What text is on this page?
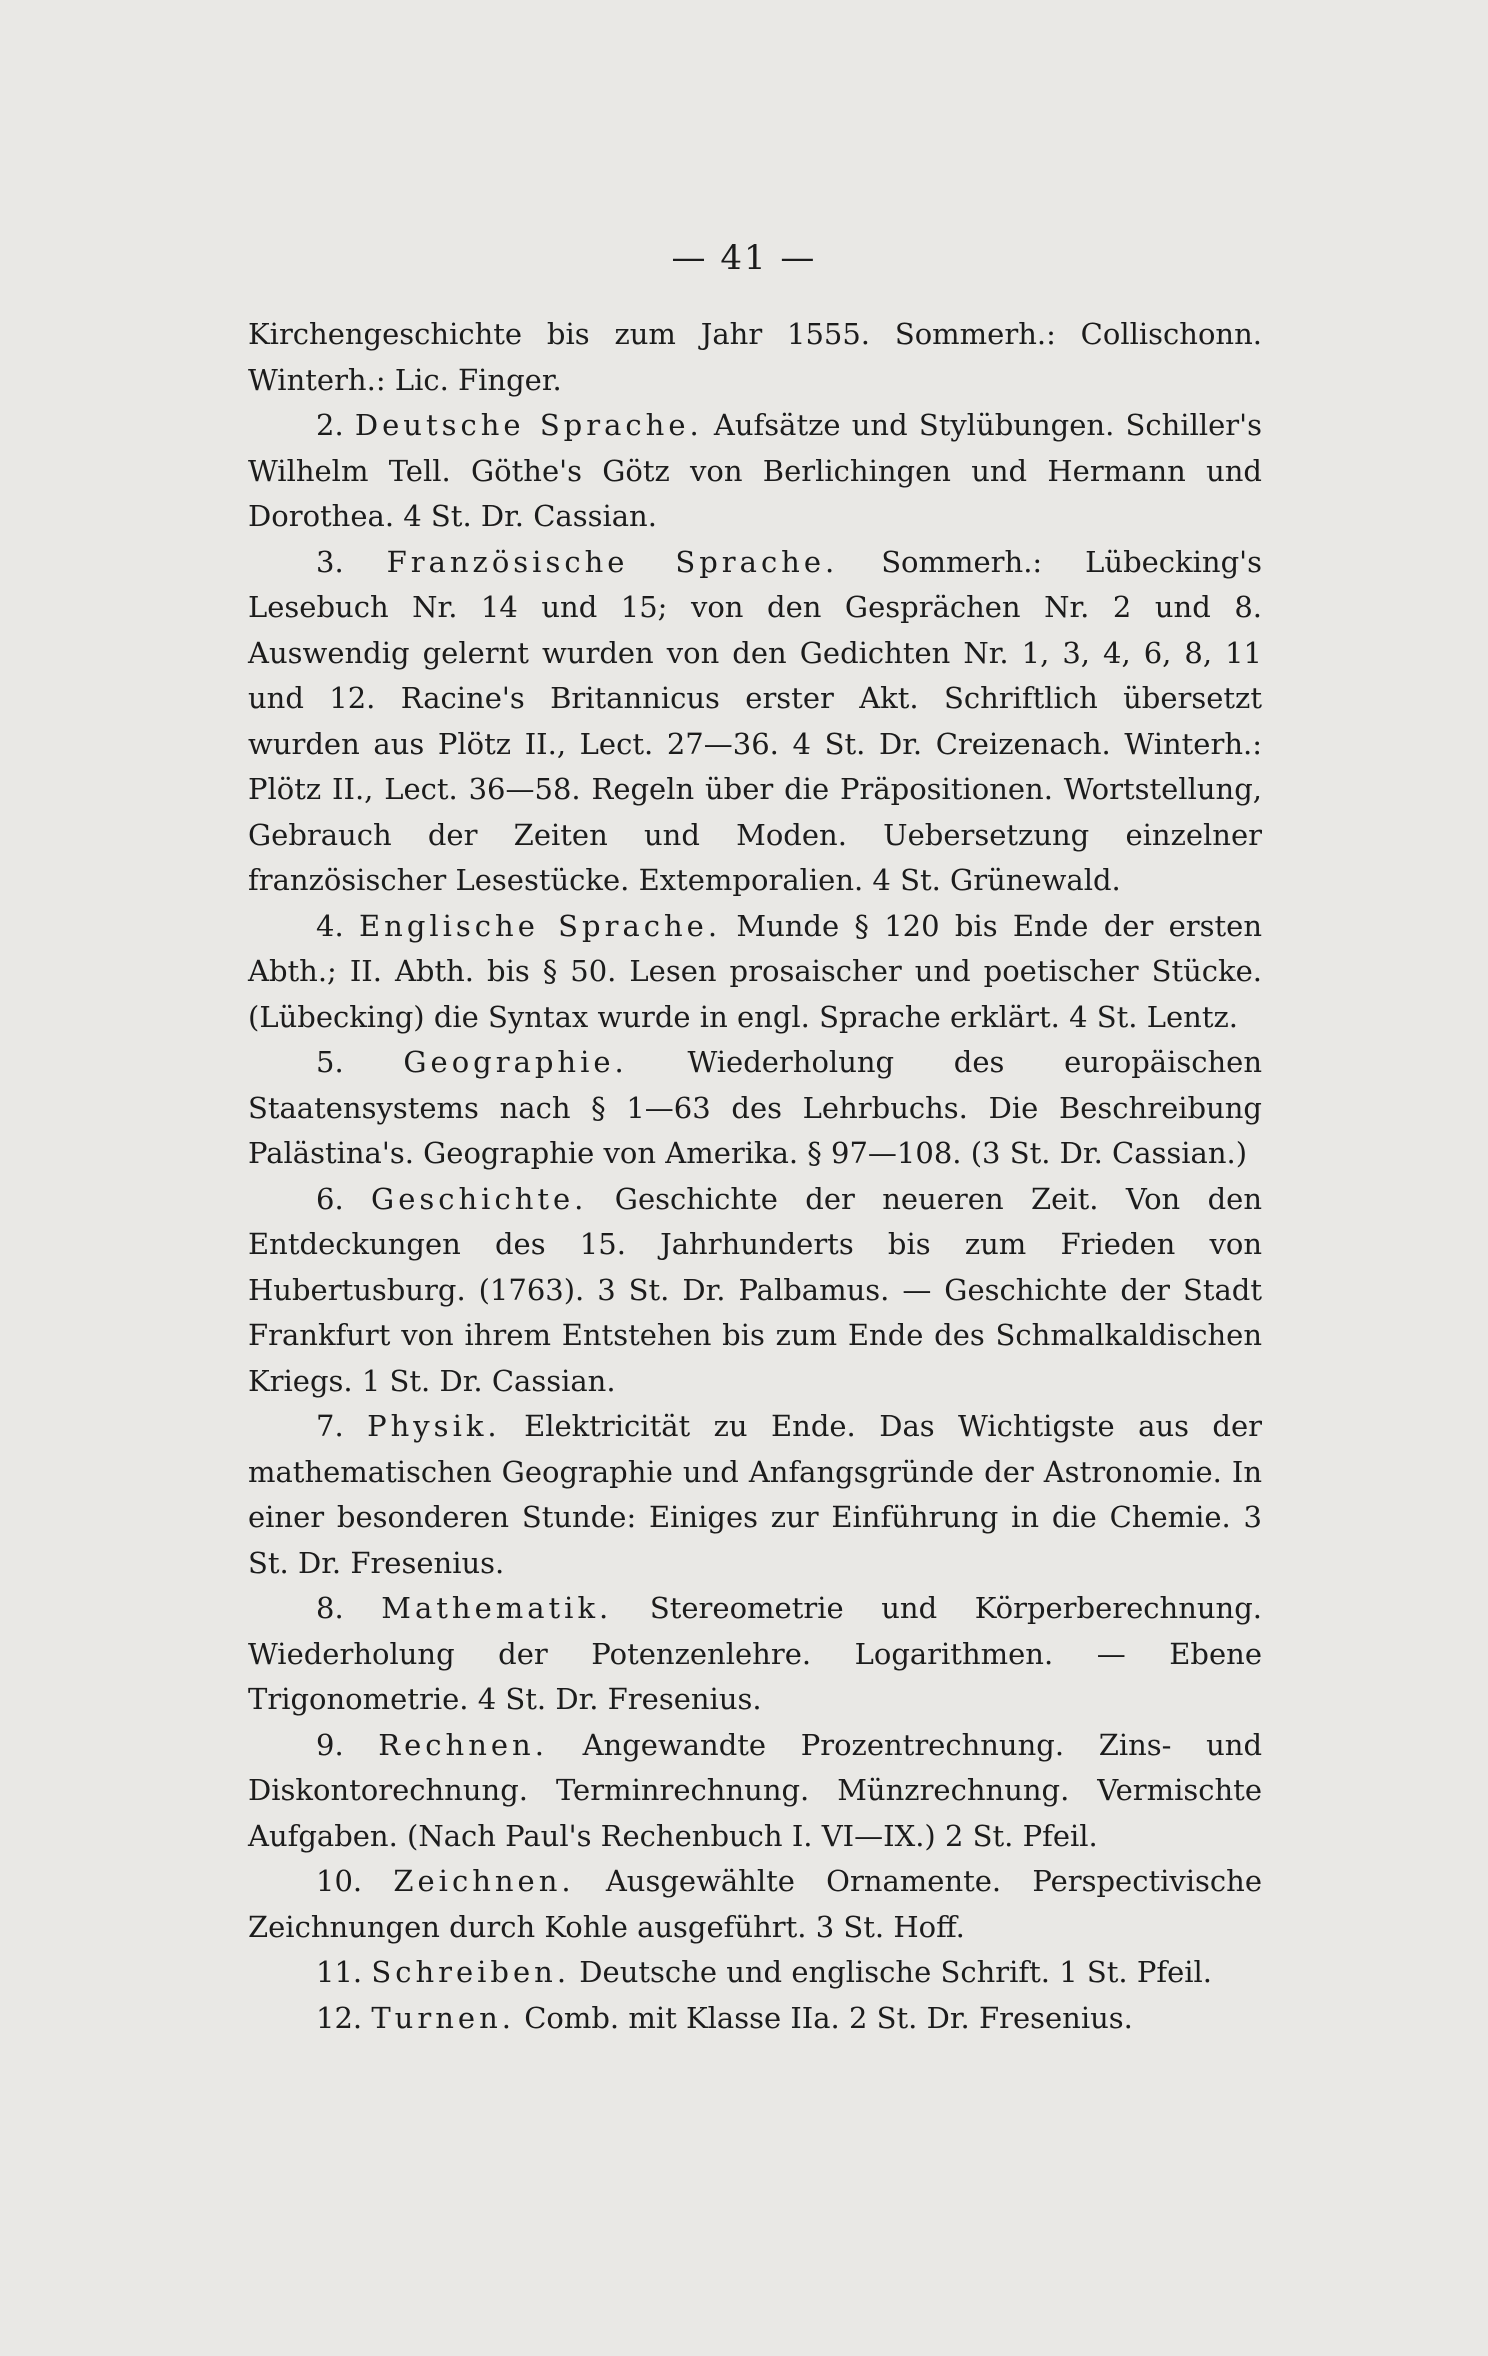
— 41 —

Kirchengeschichte bis zum Jahr 1555. Sommerh.: Collischonn. Winterh.: Lic. Finger.

2. Deutsche Sprache. Aufsätze und Stylübungen. Schiller's Wilhelm Tell. Göthe's Götz von Berlichingen und Hermann und Dorothea. 4 St. Dr. Cassian.

3. Französische Sprache. Sommerh.: Lübecking's Lesebuch Nr. 14 und 15; von den Gesprächen Nr. 2 und 8. Auswendig gelernt wurden von den Gedichten Nr. 1, 3, 4, 6, 8, 11 und 12. Racine's Britannicus erster Akt. Schriftlich übersetzt wurden aus Plötz II., Lect. 27—36. 4 St. Dr. Creizenach. Winterh.: Plötz II., Lect. 36—58. Regeln über die Präpositionen. Wortstellung, Gebrauch der Zeiten und Moden. Uebersetzung einzelner französischer Lesestücke. Extemporalien. 4 St. Grünewald.

4. Englische Sprache. Munde § 120 bis Ende der ersten Abth.; II. Abth. bis § 50. Lesen prosaischer und poetischer Stücke. (Lübecking) die Syntax wurde in engl. Sprache erklärt. 4 St. Lentz.

5. Geographie. Wiederholung des europäischen Staatensystems nach § 1—63 des Lehrbuchs. Die Beschreibung Palästina's. Geographie von Amerika. § 97—108. (3 St. Dr. Cassian.)

6. Geschichte. Geschichte der neueren Zeit. Von den Entdeckungen des 15. Jahrhunderts bis zum Frieden von Hubertusburg. (1763). 3 St. Dr. Palbamus. — Geschichte der Stadt Frankfurt von ihrem Entstehen bis zum Ende des Schmalkaldischen Kriegs. 1 St. Dr. Cassian.

7. Physik. Elektricität zu Ende. Das Wichtigste aus der mathematischen Geographie und Anfangsgründe der Astronomie. In einer besonderen Stunde: Einiges zur Einführung in die Chemie. 3 St. Dr. Fresenius.

8. Mathematik. Stereometrie und Körperberechnung. Wiederholung der Potenzenlehre. Logarithmen. — Ebene Trigonometrie. 4 St. Dr. Fresenius.

9. Rechnen. Angewandte Prozentrechnung. Zins- und Diskontorechnung. Terminrechnung. Münzrechnung. Vermischte Aufgaben. (Nach Paul's Rechenbuch I. VI—IX.) 2 St. Pfeil.

10. Zeichnen. Ausgewählte Ornamente. Perspectivische Zeichnungen durch Kohle ausgeführt. 3 St. Hoff.

11. Schreiben. Deutsche und englische Schrift. 1 St. Pfeil.

12. Turnen. Comb. mit Klasse IIa. 2 St. Dr. Fresenius.
